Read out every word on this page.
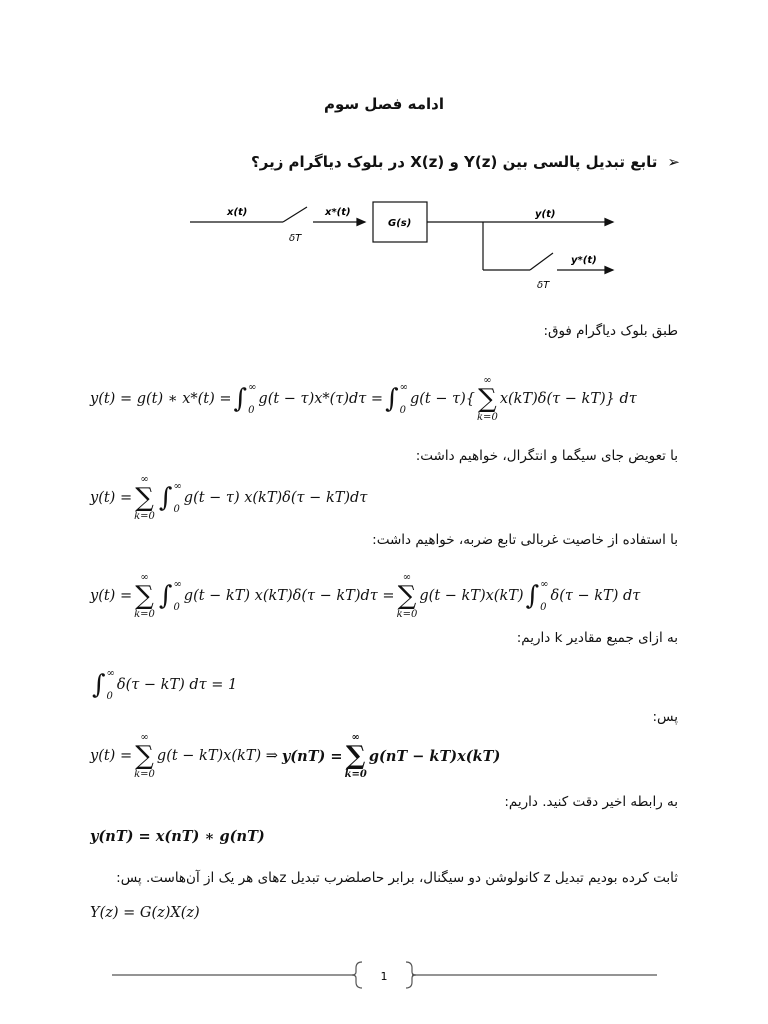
ادامه فصل سوم
➢تابع تبدیل پالسی بین Y(z) و X(z) در بلوک دیاگرام زیر؟
x(t)	x*(t)
G(s)
y(t)
y*(t)
δT
δT
طبق بلوک دیاگرام فوق:
y(t) = g(t) ∗ x*(t) = ∫ ∞
0
g(t − τ)x*(τ)dτ = ∫ ∞
0
g(t − τ){
∞
∑
k=0
x(kT)δ(τ − kT)} dτ
با تعویض جای سیگما و انتگرال، خواهیم داشت:
y(t) =
∞
∑
k=0
∫ ∞
0
g(t − τ) x(kT)δ(τ − kT)dτ
با استفاده از خاصیت غربالی تابع ضربه، خواهیم داشت:
y(t) =
∞
∑
k=0
∫ ∞
0
g(t − kT) x(kT)δ(τ − kT)dτ =
∞
∑
k=0
g(t − kT)x(kT) ∫ ∞
0
δ(τ − kT) dτ
به ازای جمیع مقادیر k داریم:
∫ ∞
0
δ(τ − kT) dτ = 1
پس:
y(t) =
∞
∑
k=0
g(t − kT)x(kT) ⇒ y(nT) =
∞
∑
k=0
g(nT − kT)x(kT)
به رابطه اخیر دقت کنید. داریم:
y(nT) = x(nT) ∗ g(nT)
ثابت کرده بودیم تبدیل z کانولوشن دو سیگنال، برابر حاصلضرب تبدیل zهای هر یک از آن‌هاست. پس:
Y(z) = G(z)X(z)
1
